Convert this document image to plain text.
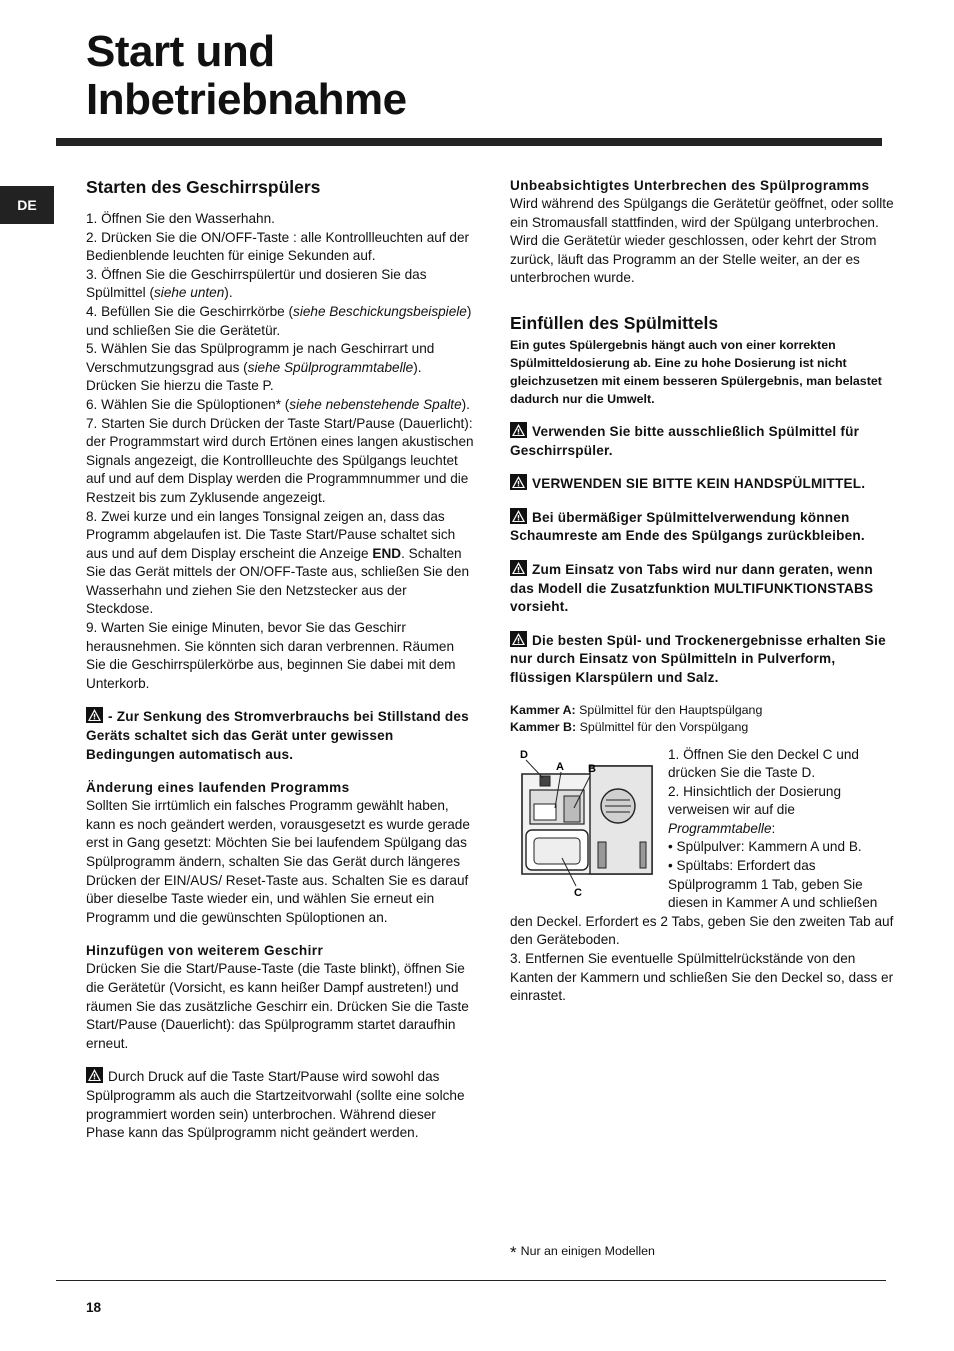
Start und
Inbetriebnahme
DE
Starten des Geschirrspülers

1. Öffnen Sie den Wasserhahn.

2. Drücken Sie die ON/OFF-Taste : alle Kontrollleuchten auf der Bedienblende leuchten für einige Sekunden auf.

3. Öffnen Sie die Geschirrspülertür und dosieren Sie das Spülmittel (siehe unten).

4. Befüllen Sie die Geschirrkörbe (siehe Beschickungsbeispiele) und schließen Sie die Gerätetür.

5. Wählen Sie das Spülprogramm je nach Geschirrart und Verschmutzungsgrad aus (siehe Spülprogrammtabelle). Drücken Sie hierzu die Taste P.

6. Wählen Sie die Spüloptionen* (siehe nebenstehende Spalte).

7. Starten Sie durch Drücken der Taste Start/Pause (Dauerlicht): der Programmstart wird durch Ertönen eines langen akustischen Signals angezeigt, die Kontrollleuchte des Spülgangs leuchtet auf und auf dem Display werden die Programmnummer und die Restzeit bis zum Zyklusende angezeigt.

8. Zwei kurze und ein langes Tonsignal zeigen an, dass das Programm abgelaufen ist. Die Taste Start/Pause schaltet sich aus und auf dem Display erscheint die Anzeige END. Schalten Sie das Gerät mittels der ON/OFF-Taste aus, schließen Sie den Wasserhahn und ziehen Sie den Netzstecker aus der Steckdose.

9. Warten Sie einige Minuten, bevor Sie das Geschirr herausnehmen. Sie könnten sich daran verbrennen. Räumen Sie die Geschirrspülerkörbe aus, beginnen Sie dabei mit dem Unterkorb.

- Zur Senkung des Stromverbrauchs bei Stillstand des Geräts schaltet sich das Gerät unter gewissen Bedingungen automatisch aus.

Änderung eines laufenden Programms

Sollten Sie irrtümlich ein falsches Programm gewählt haben, kann es noch geändert werden, vorausgesetzt es wurde gerade erst in Gang gesetzt: Möchten Sie bei laufendem Spülgang das Spülprogramm ändern, schalten Sie das Gerät durch längeres Drücken der EIN/AUS/ Reset-Taste aus. Schalten Sie es darauf über dieselbe Taste wieder ein, und wählen Sie erneut ein Programm und die gewünschten Spüloptionen an.

Hinzufügen von weiterem Geschirr

Drücken Sie die Start/Pause-Taste (die Taste blinkt), öffnen Sie die Gerätetür (Vorsicht, es kann heißer Dampf austreten!) und räumen Sie das zusätzliche Geschirr ein. Drücken Sie die Taste Start/Pause (Dauerlicht): das Spülprogramm startet daraufhin erneut.

Durch Druck auf die Taste Start/Pause wird sowohl das Spülprogramm als auch die Startzeitvorwahl (sollte eine solche programmiert worden sein) unterbrochen. Während dieser Phase kann das Spülprogramm nicht geändert werden.

Unbeabsichtigtes Unterbrechen des Spülprogramms

Wird während des Spülgangs die Gerätetür geöffnet, oder sollte ein Stromausfall stattfinden, wird der Spülgang unterbrochen. Wird die Gerätetür wieder geschlossen, oder kehrt der Strom zurück, läuft das Programm an der Stelle weiter, an der es unterbrochen wurde.

Einfüllen des Spülmittels

Ein gutes Spülergebnis hängt auch von einer korrekten Spülmitteldosierung ab. Eine zu hohe Dosierung ist nicht gleichzusetzen mit einem besseren Spülergebnis, man belastet dadurch nur die Umwelt.

Verwenden Sie bitte ausschließlich Spülmittel für Geschirrspüler.

VERWENDEN SIE BITTE KEIN HANDSPÜLMITTEL.

Bei übermäßiger Spülmittelverwendung können Schaumreste am Ende des Spülgangs zurückbleiben.

Zum Einsatz von Tabs wird nur dann geraten, wenn das Modell die Zusatzfunktion MULTIFUNKTIONSTABS vorsieht.

Die besten Spül- und Trockenergebnisse erhalten Sie nur durch Einsatz von Spülmitteln in Pulverform, flüssigen Klarspülern und Salz.

Kammer A: Spülmittel für den Hauptspülgang

Kammer B: Spülmittel für den Vorspülgang

D
A B
C

1. Öffnen Sie den Deckel C und drücken Sie die Taste D.

2. Hinsichtlich der Dosierung verweisen wir auf die Programmtabelle:

• Spülpulver: Kammern A und B.

• Spültabs: Erfordert das Spülprogramm 1 Tab, geben Sie diesen in Kammer A und schließen den Deckel. Erfordert es 2 Tabs, geben Sie den zweiten Tab auf den Geräteboden.

3. Entfernen Sie eventuelle Spülmittelrückstände von den Kanten der Kammern und schließen Sie den Deckel so, dass er einrastet.

* Nur an einigen Modellen
18
